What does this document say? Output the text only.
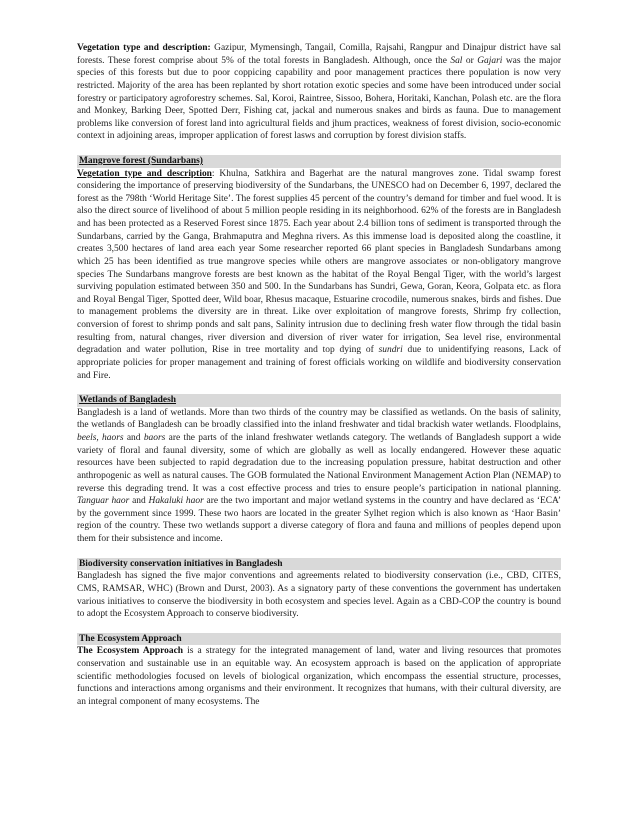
Vegetation type and description: Gazipur, Mymensingh, Tangail, Comilla, Rajsahi, Rangpur and Dinajpur district have sal forests. These forest comprise about 5% of the total forests in Bangladesh. Although, once the Sal or Gajari was the major species of this forests but due to poor coppicing capability and poor management practices there population is now very restricted. Majority of the area has been replanted by short rotation exotic species and some have been introduced under social forestry or participatory agroforestry schemes. Sal, Koroi, Raintree, Sissoo, Bohera, Horitaki, Kanchan, Polash etc. are the flora and Monkey, Barking Deer, Spotted Derr, Fishing cat, jackal and numerous snakes and birds as fauna. Due to management problems like conversion of forest land into agricultural fields and jhum practices, weakness of forest division, socio-economic context in adjoining areas, improper application of forest lasws and corruption by forest division staffs.

Mangrove forest (Sundarbans)

Vegetation type and description: Khulna, Satkhira and Bagerhat are the natural mangroves zone. Tidal swamp forest considering the importance of preserving biodiversity of the Sundarbans, the UNESCO had on December 6, 1997, declared the forest as the 798th ‘World Heritage Site’. The forest supplies 45 percent of the country’s demand for timber and fuel wood. It is also the direct source of livelihood of about 5 million people residing in its neighborhood. 62% of the forests are in Bangladesh and has been protected as a Reserved Forest since 1875. Each year about 2.4 billion tons of sediment is transported through the Sundarbans, carried by the Ganga, Brahmaputra and Meghna rivers. As this immense load is deposited along the coastline, it creates 3,500 hectares of land area each year Some researcher reported 66 plant species in Bangladesh Sundarbans among which 25 has been identified as true mangrove species while others are mangrove associates or non-obligatory mangrove species The Sundarbans mangrove forests are best known as the habitat of the Royal Bengal Tiger, with the world’s largest surviving population estimated between 350 and 500. In the Sundarbans has Sundri, Gewa, Goran, Keora, Golpata etc. as flora and Royal Bengal Tiger, Spotted deer, Wild boar, Rhesus macaque, Estuarine crocodile, numerous snakes, birds and fishes. Due to management problems the diversity are in threat. Like over exploitation of mangrove forests, Shrimp fry collection, conversion of forest to shrimp ponds and salt pans, Salinity intrusion due to declining fresh water flow through the tidal basin resulting from, natural changes, river diversion and diversion of river water for irrigation, Sea level rise, environmental degradation and water pollution, Rise in tree mortality and top dying of sundri due to unidentifying reasons, Lack of appropriate policies for proper management and training of forest officials working on wildlife and biodiversity conservation and Fire.

Wetlands of Bangladesh

Bangladesh is a land of wetlands. More than two thirds of the country may be classified as wetlands. On the basis of salinity, the wetlands of Bangladesh can be broadly classified into the inland freshwater and tidal brackish water wetlands. Floodplains, beels, haors and baors are the parts of the inland freshwater wetlands category. The wetlands of Bangladesh support a wide variety of floral and faunal diversity, some of which are globally as well as locally endangered. However these aquatic resources have been subjected to rapid degradation due to the increasing population pressure, habitat destruction and other anthropogenic as well as natural causes. The GOB formulated the National Environment Management Action Plan (NEMAP) to reverse this degrading trend. It was a cost effective process and tries to ensure people’s participation in national planning. Tanguar haor and Hakaluki haor are the two important and major wetland systems in the country and have declared as ‘ECA’ by the government since 1999. These two haors are located in the greater Sylhet region which is also known as ‘Haor Basin’ region of the country. These two wetlands support a diverse category of flora and fauna and millions of peoples depend upon them for their subsistence and income.

Biodiversity conservation initiatives in Bangladesh

Bangladesh has signed the five major conventions and agreements related to biodiversity conservation (i.e., CBD, CITES, CMS, RAMSAR, WHC) (Brown and Durst, 2003). As a signatory party of these conventions the government has undertaken various initiatives to conserve the biodiversity in both ecosystem and species level. Again as a CBD-COP the country is bound to adopt the Ecosystem Approach to conserve biodiversity.

The Ecosystem Approach

The Ecosystem Approach is a strategy for the integrated management of land, water and living resources that promotes conservation and sustainable use in an equitable way. An ecosystem approach is based on the application of appropriate scientific methodologies focused on levels of biological organization, which encompass the essential structure, processes, functions and interactions among organisms and their environment. It recognizes that humans, with their cultural diversity, are an integral component of many ecosystems. The
